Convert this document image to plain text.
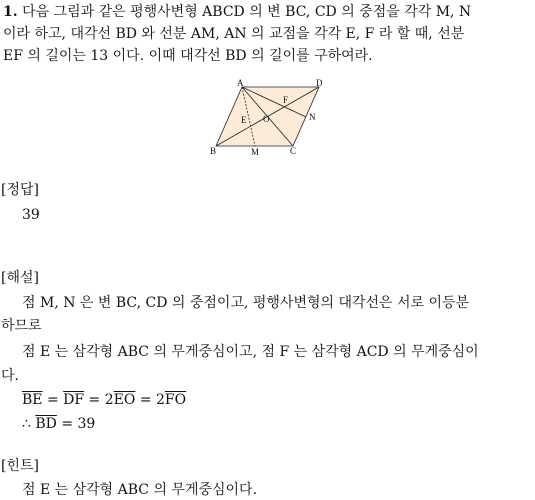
1. 다음 그림과 같은 평행사변형 ABCD 의 변 BC, CD 의 중점을 각각 M, N
이라 하고, 대각선 BD 와 선분 AM, AN 의 교점을 각각 E, F 라 할 때, 선분
EF 의 길이는 13 이다. 이때 대각선 BD 의 길이를 구하여라.
A	D
F
E O	N
B	M	C
[정답]
39
[해설]
점 M, N 은 변 BC, CD 의 중점이고, 평행사변형의 대각선은 서로 이등분
하므로
점 E 는 삼각형 ABC 의 무게중심이고, 점 F 는 삼각형 ACD 의 무게중심이
다.
$\overline{BE} = \overline{DF} = 2\overline{EO} = 2\overline{FO}$
∴ $\overline{BD} = 39$
[힌트]
점 E 는 삼각형 ABC 의 무게중심이다.
